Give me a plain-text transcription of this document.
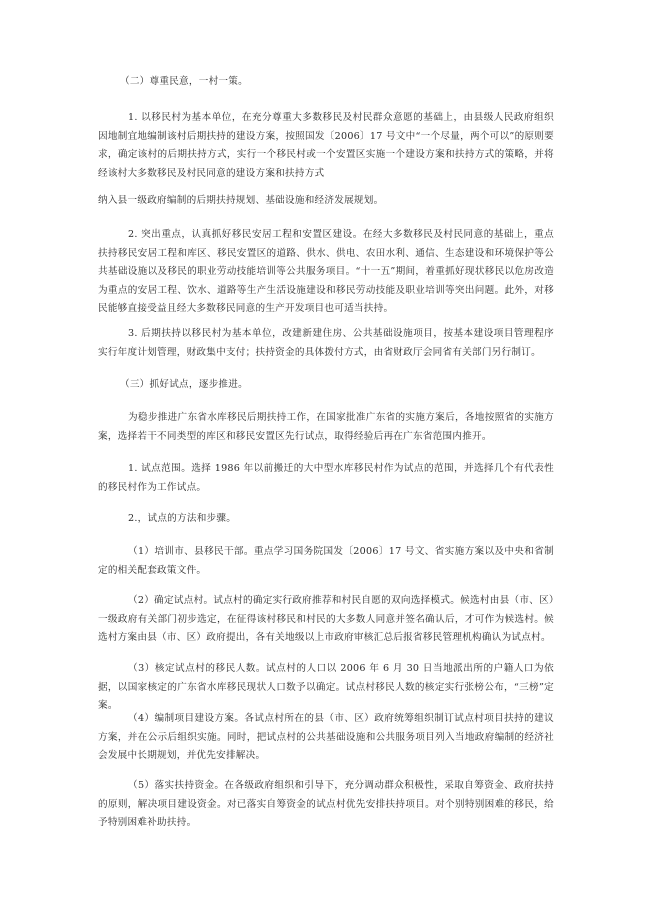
（二）尊重民意，一村一策。

1. 以移民村为基本单位，在充分尊重大多数移民及村民群众意愿的基础上，由县级人民政府组织因地制宜地编制该村后期扶持的建设方案，按照国发〔2006〕17 号文中“一个尽量，两个可以”的原则要求，确定该村的后期扶持方式，实行一个移民村或一个安置区实施一个建设方案和扶持方式的策略，并将经该村大多数移民及村民同意的建设方案和扶持方式

纳入县一级政府编制的后期扶持规划、基础设施和经济发展规划。

2. 突出重点，认真抓好移民安居工程和安置区建设。在经大多数移民及村民同意的基础上，重点扶持移民安居工程和库区、移民安置区的道路、供水、供电、农田水利、通信、生态建设和环境保护等公共基础设施以及移民的职业劳动技能培训等公共服务项目。“十一五”期间，着重抓好现状移民以危房改造为重点的安居工程、饮水、道路等生产生活设施建设和移民劳动技能及职业培训等突出问题。此外，对移民能够直接受益且经大多数移民同意的生产开发项目也可适当扶持。

3. 后期扶持以移民村为基本单位，改建新建住房、公共基础设施项目，按基本建设项目管理程序实行年度计划管理，财政集中支付；扶持资金的具体拨付方式，由省财政厅会同省有关部门另行制订。

（三）抓好试点，逐步推进。

为稳步推进广东省水库移民后期扶持工作，在国家批准广东省的实施方案后，各地按照省的实施方案，选择若干不同类型的库区和移民安置区先行试点，取得经验后再在广东省范围内推开。

1. 试点范围。选择 1986 年以前搬迁的大中型水库移民村作为试点的范围，并选择几个有代表性的移民村作为工作试点。

2.，试点的方法和步骤。

（1）培训市、县移民干部。重点学习国务院国发〔2006〕17 号文、省实施方案以及中央和省制定的相关配套政策文件。

（2）确定试点村。试点村的确定实行政府推荐和村民自愿的双向选择模式。候选村由县（市、区）一级政府有关部门初步选定，在征得该村移民和村民的大多数人同意并签名确认后，才可作为候选村。候选村方案由县（市、区）政府提出，各有关地级以上市政府审核汇总后报省移民管理机构确认为试点村。

（3）核定试点村的移民人数。试点村的人口以 2006 年 6 月 30 日当地派出所的户籍人口为依据，以国家核定的广东省水库移民现状人口数予以确定。试点村移民人数的核定实行张榜公布，“三榜”定案。

（4）编制项目建设方案。各试点村所在的县（市、区）政府统筹组织制订试点村项目扶持的建议方案，并在公示后组织实施。同时，把试点村的公共基础设施和公共服务项目列入当地政府编制的经济社会发展中长期规划，并优先安排解决。

（5）落实扶持资金。在各级政府组织和引导下，充分调动群众积极性，采取自筹资金、政府扶持的原则，解决项目建设资金。对已落实自筹资金的试点村优先安排扶持项目。对个别特别困难的移民，给予特别困难补助扶持。
